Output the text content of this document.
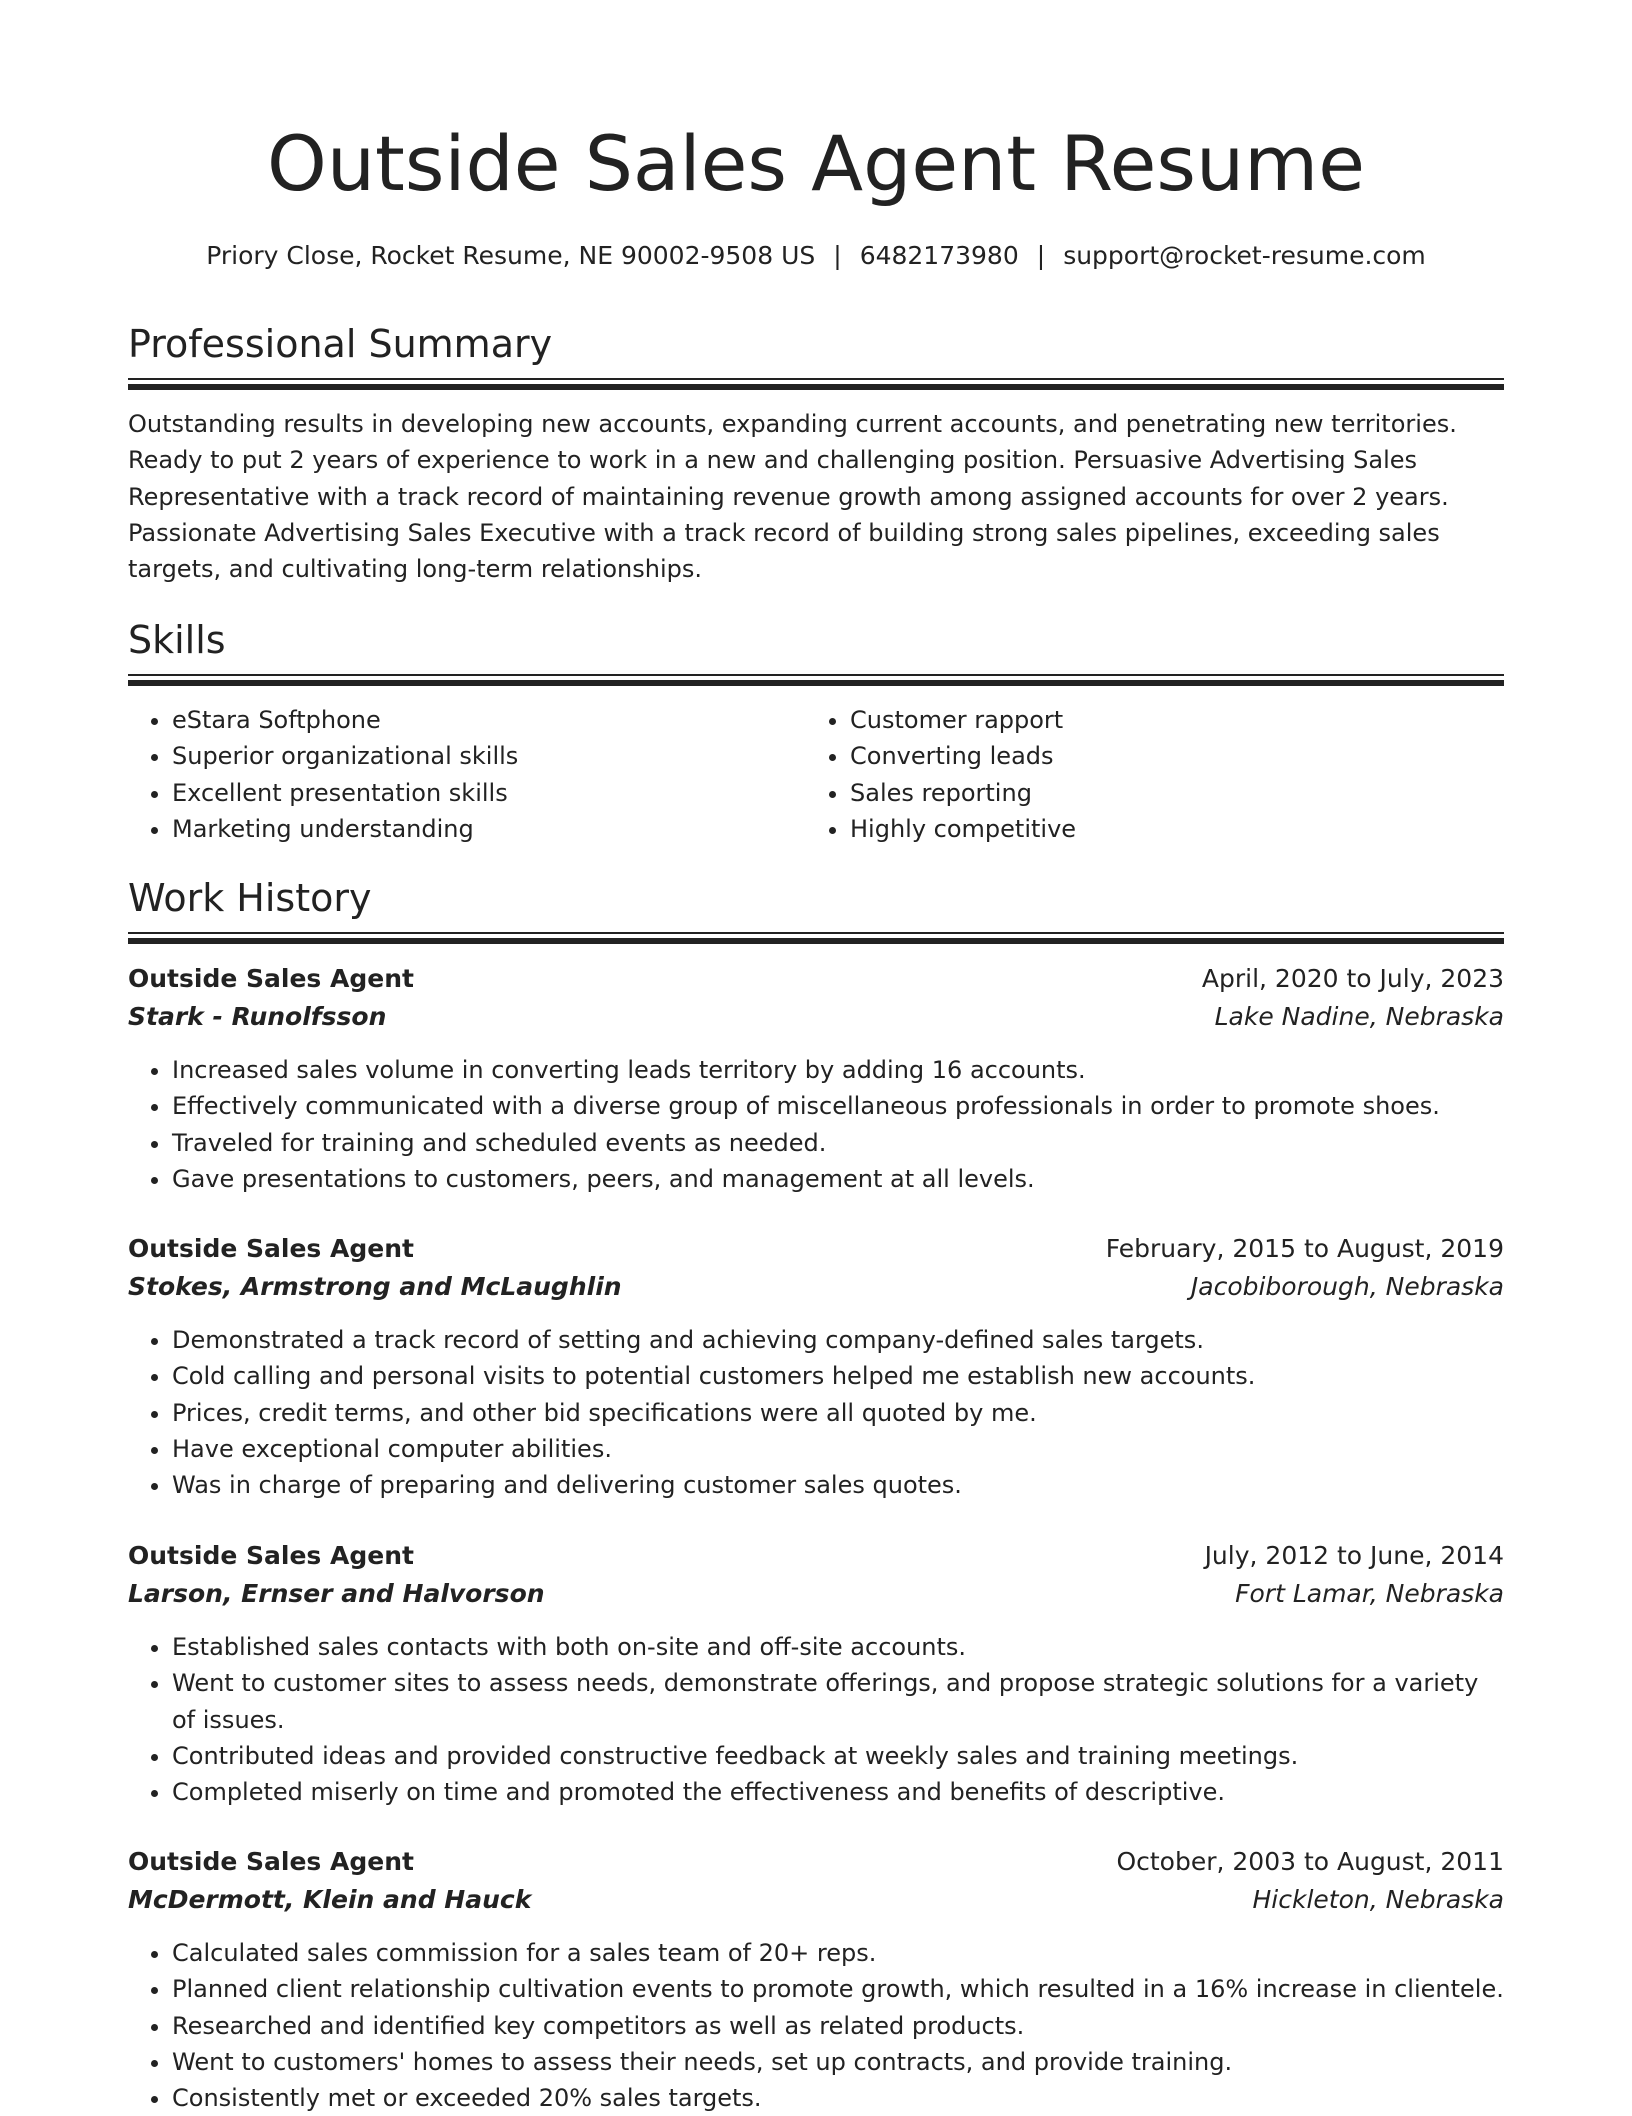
Outside Sales Agent Resume
Priory Close, Rocket Resume, NE 90002-9508 US | 6482173980 | support@rocket-resume.com
Professional Summary

Outstanding results in developing new accounts, expanding current accounts, and penetrating new territories. Ready to put 2 years of experience to work in a new and challenging position. Persuasive Advertising Sales Representative with a track record of maintaining revenue growth among assigned accounts for over 2 years. Passionate Advertising Sales Executive with a track record of building strong sales pipelines, exceeding sales targets, and cultivating long-term relationships.

Skills
• eStara Softphone
• Superior organizational skills
• Excellent presentation skills
• Marketing understanding
• Customer rapport
• Converting leads
• Sales reporting
• Highly competitive
Work History
Outside Sales Agent	April, 2020 to July, 2023
Stark - Runolfsson	Lake Nadine, Nebraska
• Increased sales volume in converting leads territory by adding 16 accounts.
• Effectively communicated with a diverse group of miscellaneous professionals in order to promote shoes.
• Traveled for training and scheduled events as needed.
• Gave presentations to customers, peers, and management at all levels.
Outside Sales Agent	February, 2015 to August, 2019
Stokes, Armstrong and McLaughlin	Jacobiborough, Nebraska
• Demonstrated a track record of setting and achieving company-defined sales targets.
• Cold calling and personal visits to potential customers helped me establish new accounts.
• Prices, credit terms, and other bid specifications were all quoted by me.
• Have exceptional computer abilities.
• Was in charge of preparing and delivering customer sales quotes.
Outside Sales Agent	July, 2012 to June, 2014
Larson, Ernser and Halvorson	Fort Lamar, Nebraska
• Established sales contacts with both on-site and off-site accounts.
• Went to customer sites to assess needs, demonstrate offerings, and propose strategic solutions for a variety of issues.
• Contributed ideas and provided constructive feedback at weekly sales and training meetings.
• Completed miserly on time and promoted the effectiveness and benefits of descriptive.
Outside Sales Agent	October, 2003 to August, 2011
McDermott, Klein and Hauck	Hickleton, Nebraska
• Calculated sales commission for a sales team of 20+ reps.
• Planned client relationship cultivation events to promote growth, which resulted in a 16% increase in clientele.
• Researched and identified key competitors as well as related products.
• Went to customers' homes to assess their needs, set up contracts, and provide training.
• Consistently met or exceeded 20% sales targets.
